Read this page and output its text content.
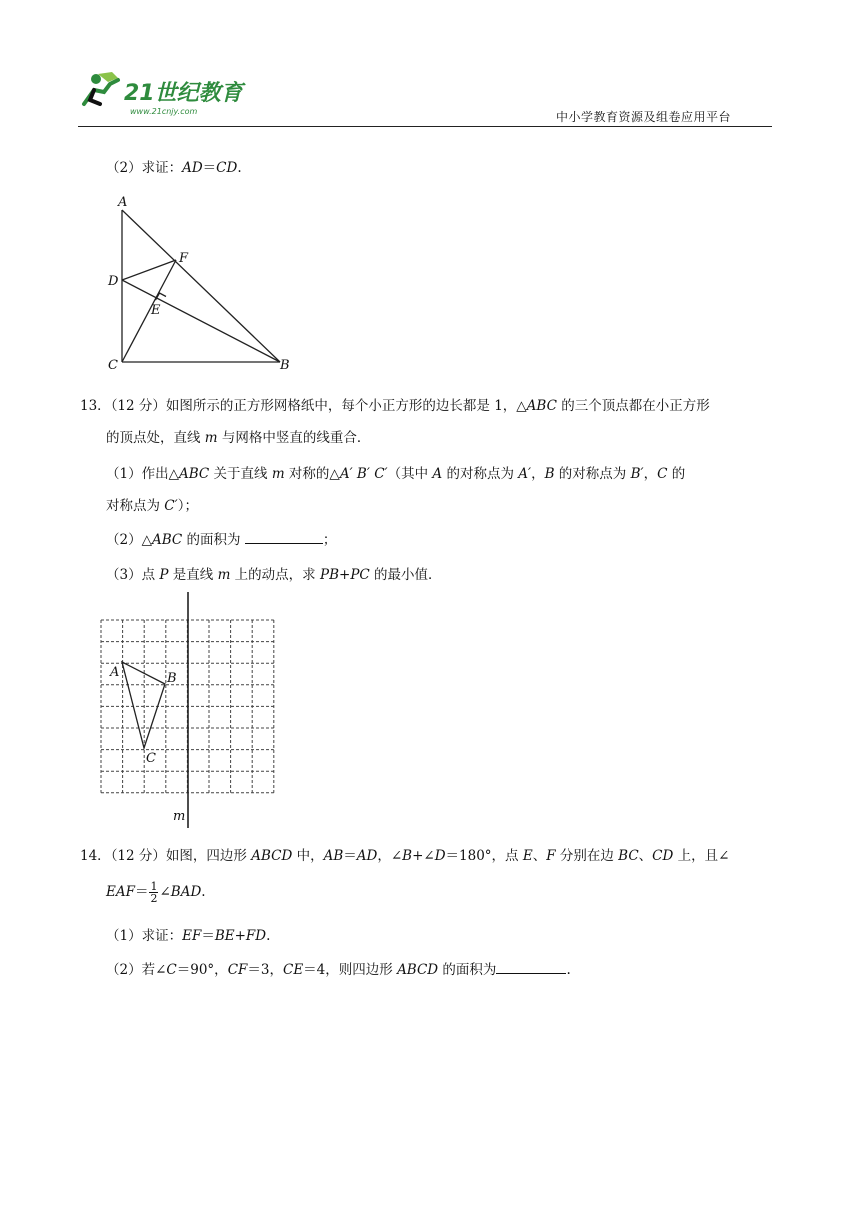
21世纪教育
www.21cnjy.com	中小学教育资源及组卷应用平台
（2）求证：AD＝CD.
A
D
C
F
E
B
13．（12 分）如图所示的正方形网格纸中，每个小正方形的边长都是 1，△ABC 的三个顶点都在小正方形
的顶点处，直线 m 与网格中竖直的线重合．
（1）作出△ABC 关于直线 m 对称的△A′ B′ C′（其中 A 的对称点为 A′，B 的对称点为 B′，C 的
对称点为 C′）；
（2）△ABC 的面积为	；
（3）点 P 是直线 m 上的动点，求 PB+PC 的最小值．
A	B
C
m
14．（12 分）如图，四边形 ABCD 中，AB＝AD，∠B+∠D＝180°，点 E、F 分别在边 BC、CD 上，且∠
$EAF= \frac{1}{2}$ ∠BAD.
（1）求证：EF＝BE+FD.
（2）若∠C＝90°，CF＝3，CE＝4，则四边形 ABCD 的面积为	.
